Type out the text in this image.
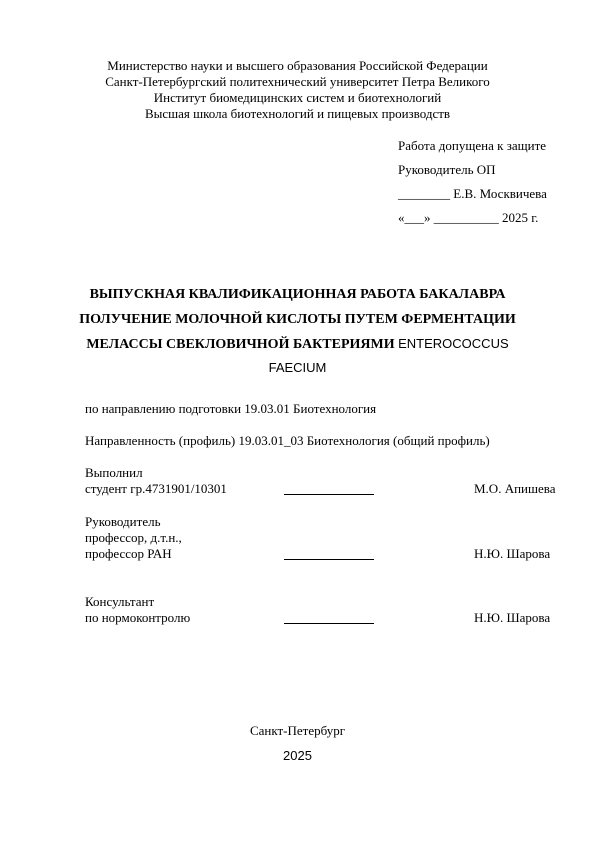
Министерство науки и высшего образования Российской Федерации
Санкт-Петербургский политехнический университет Петра Великого
Институт биомедицинских систем и биотехнологий
Высшая школа биотехнологий и пищевых производств
Работа допущена к защите
Руководитель ОП
________ Е.В. Москвичева
«___» __________ 2025 г.
ВЫПУСКНАЯ КВАЛИФИКАЦИОННАЯ РАБОТА БАКАЛАВРА
ПОЛУЧЕНИЕ МОЛОЧНОЙ КИСЛОТЫ ПУТЕМ ФЕРМЕНТАЦИИ
МЕЛАССЫ СВЕКЛОВИЧНОЙ БАКТЕРИЯМИ ENTEROCOCCUS
FAECIUM
по направлению подготовки 19.03.01 Биотехнология
Направленность (профиль) 19.03.01_03 Биотехнология (общий профиль)
Выполнил
студент гр.4731901/10301	М.О. Апишева
Руководитель
профессор, д.т.н.,
профессор РАН	Н.Ю. Шарова
Консультант
по нормоконтролю	Н.Ю. Шарова
Санкт-Петербург
2025
